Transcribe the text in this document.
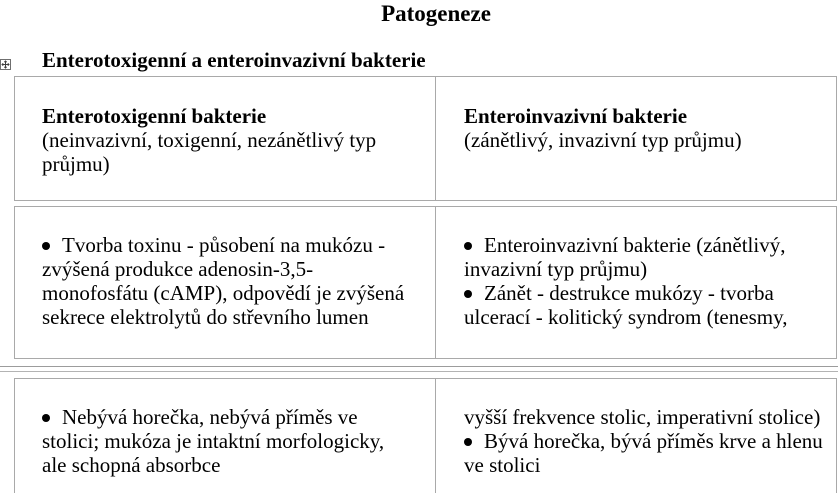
Patogeneze
Enterotoxigenní a enteroinvazivní bakterie
Enterotoxigenní bakterie
(neinvazivní, toxigenní, nezánětlivý typ
průjmu)
Enteroinvazivní bakterie
(zánětlivý, invazivní typ průjmu)
Tvorba toxinu - působení na mukózu -
zvýšená produkce adenosin-3,5-
monofosfátu (cAMP), odpovědí je zvýšená
sekrece elektrolytů do střevního lumen
Enteroinvazivní bakterie (zánětlivý,
invazivní typ průjmu)
Zánět - destrukce mukózy - tvorba
ulcerací - kolitický syndrom (tenesmy,
Nebývá horečka, nebývá příměs ve
stolici; mukóza je intaktní morfologicky,
ale schopná absorbce
vyšší frekvence stolic, imperativní stolice)
Bývá horečka, bývá příměs krve a hlenu
ve stolici
